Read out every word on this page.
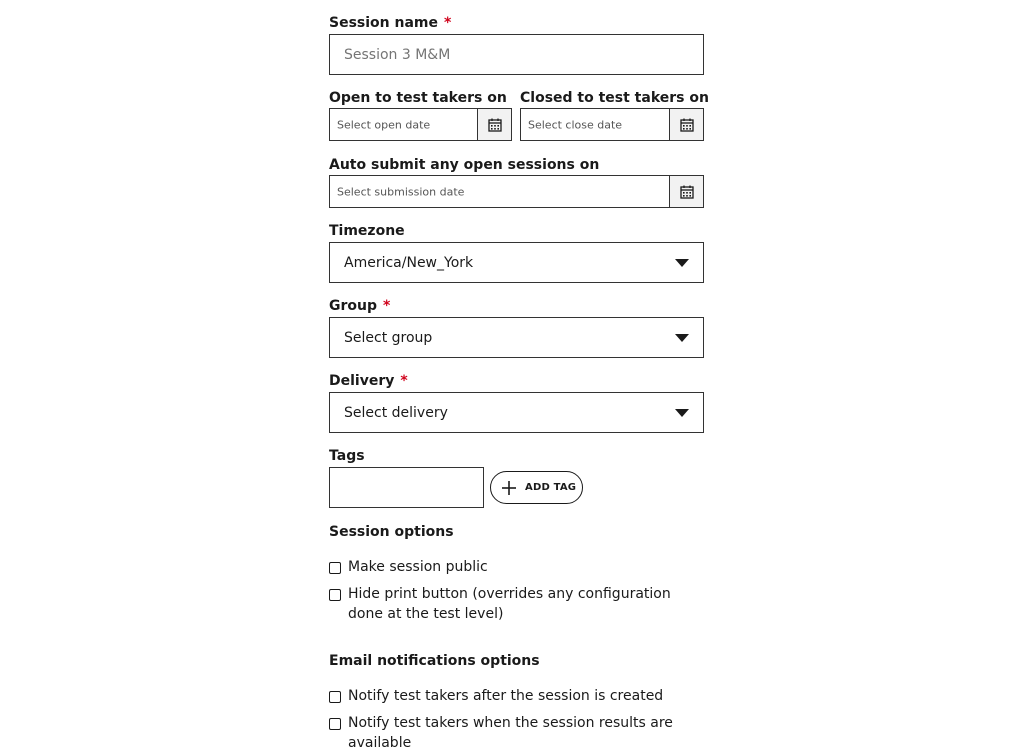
Session name *
Session 3 M&M
Open to test takers on
Select open date
Closed to test takers on
Select close date
Auto submit any open sessions on
Select submission date
Timezone
America/New_York
Group *
Select group
Delivery *
Select delivery
Tags
ADD TAG
Session options
Make session public
Hide print button (overrides any configuration done at the test level)
Email notifications options
Notify test takers after the session is created
Notify test takers when the session results are available
